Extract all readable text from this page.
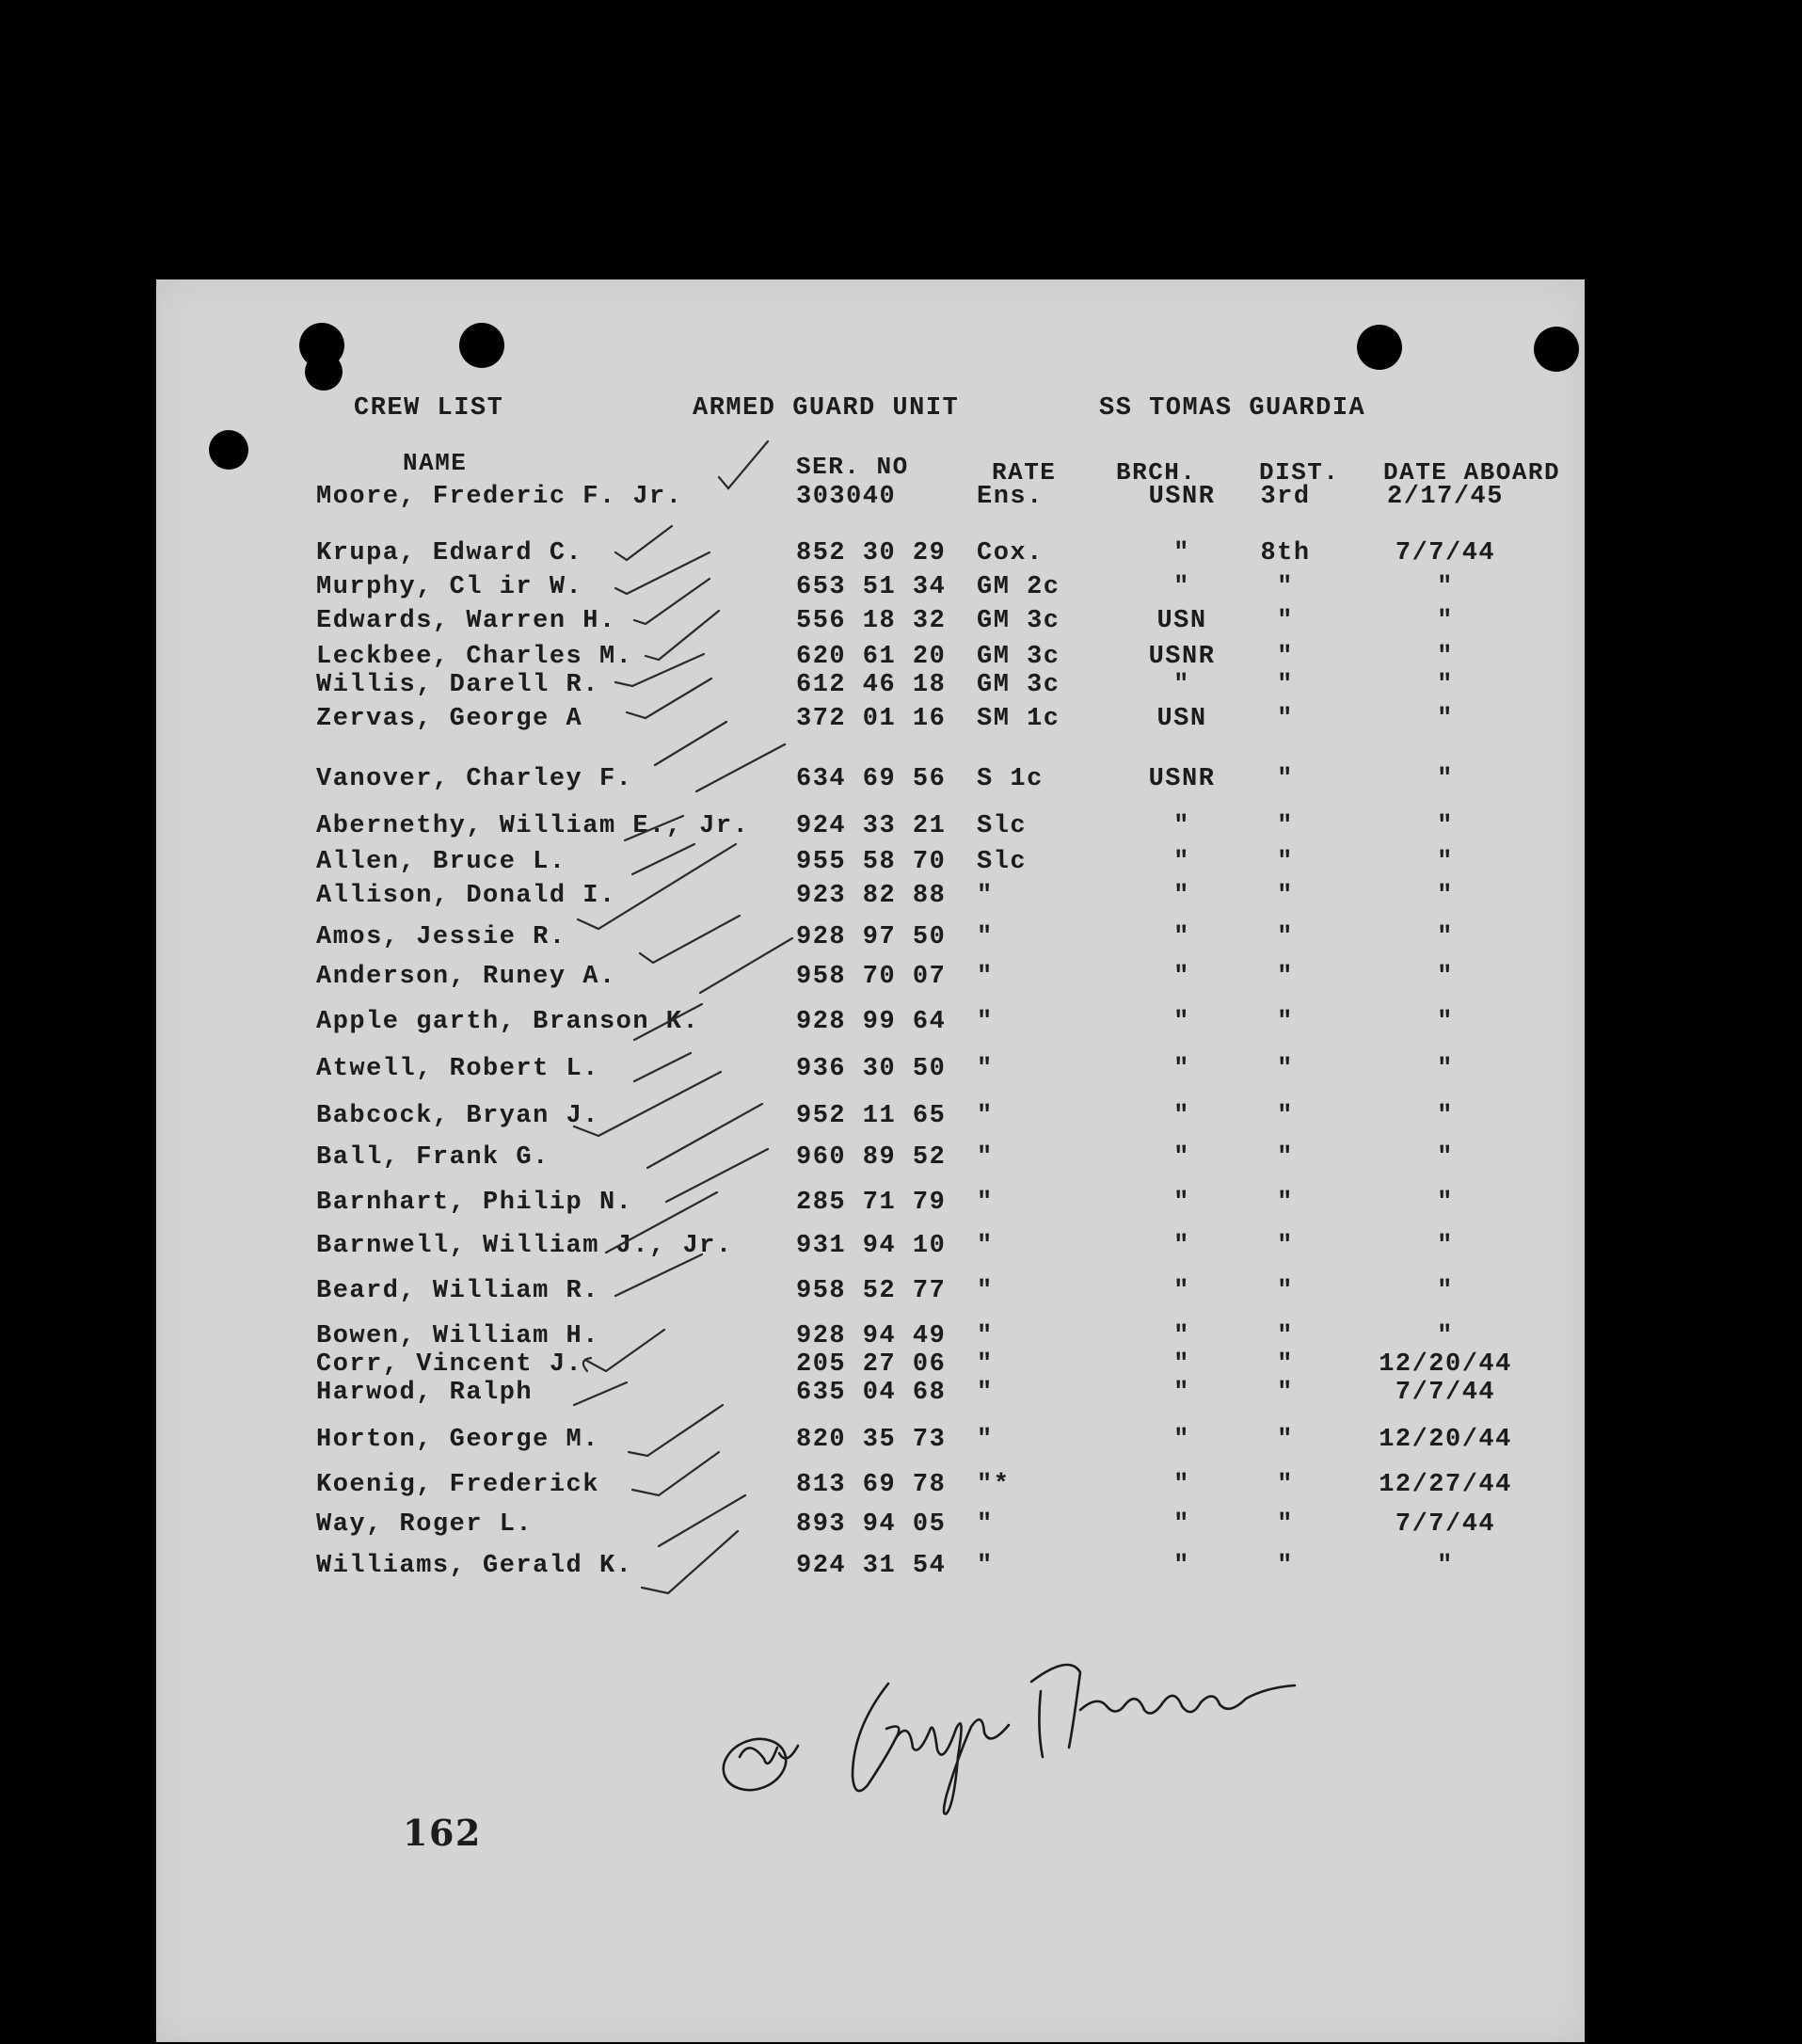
CREW LIST	ARMED GUARD UNIT	SS TOMAS GUARDIA
NAME	SER. NO	RATE BRCH.	DIST. DATE ABOARD
Moore, Frederic F. Jr.	303040	Ens.	USNR	3rd	2/17/45
Krupa, Edward C.	852 30 29 Cox.	"	8th	7/7/44
Murphy, Cl ir W.	653 51 34 GM 2c	"	"	"
Edwards, Warren H.	556 18 32 GM 3c	USN	"	"
Leckbee, Charles M.	620 61 20 GM 3c	USNR	"	"
Willis, Darell R.	612 46 18 GM 3c	"	"	"
Zervas, George A	372 01 16 SM 1c	USN	"	"
Vanover, Charley F.	634 69 56 S 1c	USNR	"	"
Abernethy, William E., Jr. 924 33 21 Slc	"	"	"
Allen, Bruce L.	955 58 70 Slc	"	"	"
Allison, Donald I.	923 82 88 "	"	"	"
Amos, Jessie R.	928 97 50 "	"	"	"
Anderson, Runey A.	958 70 07 "	"	"	"
Apple garth, Branson K.	928 99 64 "	"	"	"
Atwell, Robert L.	936 30 50 "	"	"	"
Babcock, Bryan J.	952 11 65 "	"	"	"
Ball, Frank G.	960 89 52 "	"	"	"
Barnhart, Philip N.	285 71 79 "	"	"	"
Barnwell, William J., Jr. 931 94 10 "	"	"	"
Beard, William R.	958 52 77 "	"	"	"
Bowen, William H.	928 94 49 "	"	"	"
Corr, Vincent J.	205 27 06 "	"	"	12/20/44
Harwod, Ralph	635 04 68 "	"	"	7/7/44
Horton, George M.	820 35 73 "	"	"	12/20/44
Koenig, Frederick	813 69 78 "*	"	"	12/27/44
Way, Roger L.	893 94 05 "	"	"	7/7/44
Williams, Gerald K.	924 31 54 "	"	"	"
162
